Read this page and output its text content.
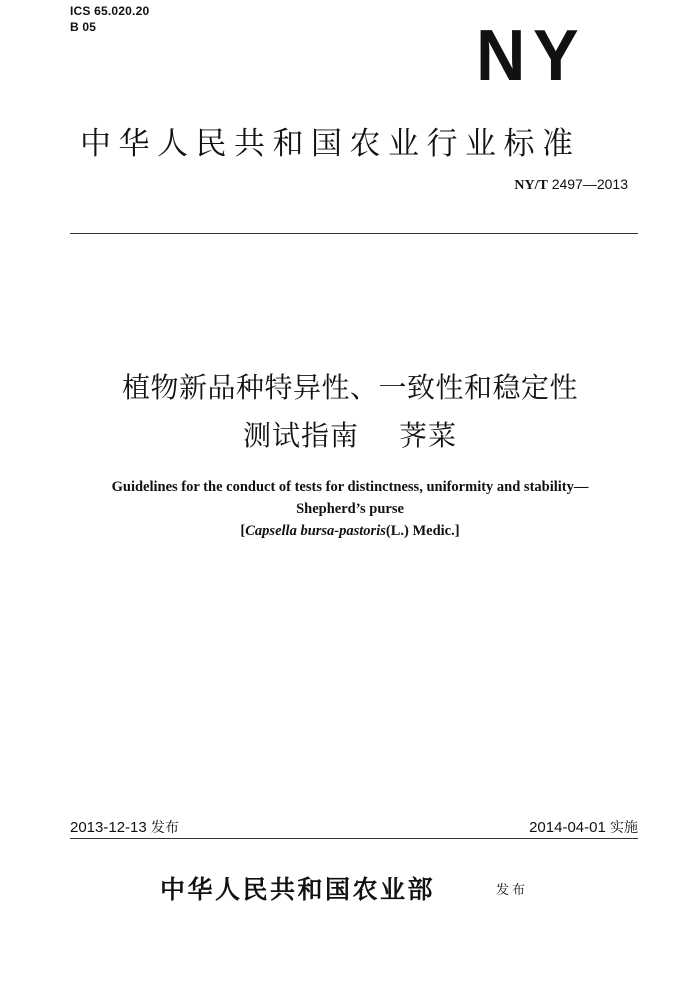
ICS 65.020.20
B 05	NY
中华人民共和国农业行业标准
NY/T 2497—2013
植物新品种特异性、一致性和稳定性
测试指南 荠菜
Guidelines for the conduct of tests for distinctness, uniformity and stability—
Shepherd’s purse
[Capsella bursa-pastoris(L.) Medic.]
2013-12-13 发布	2014-04-01 实施
中华人民共和国农业部	发布
